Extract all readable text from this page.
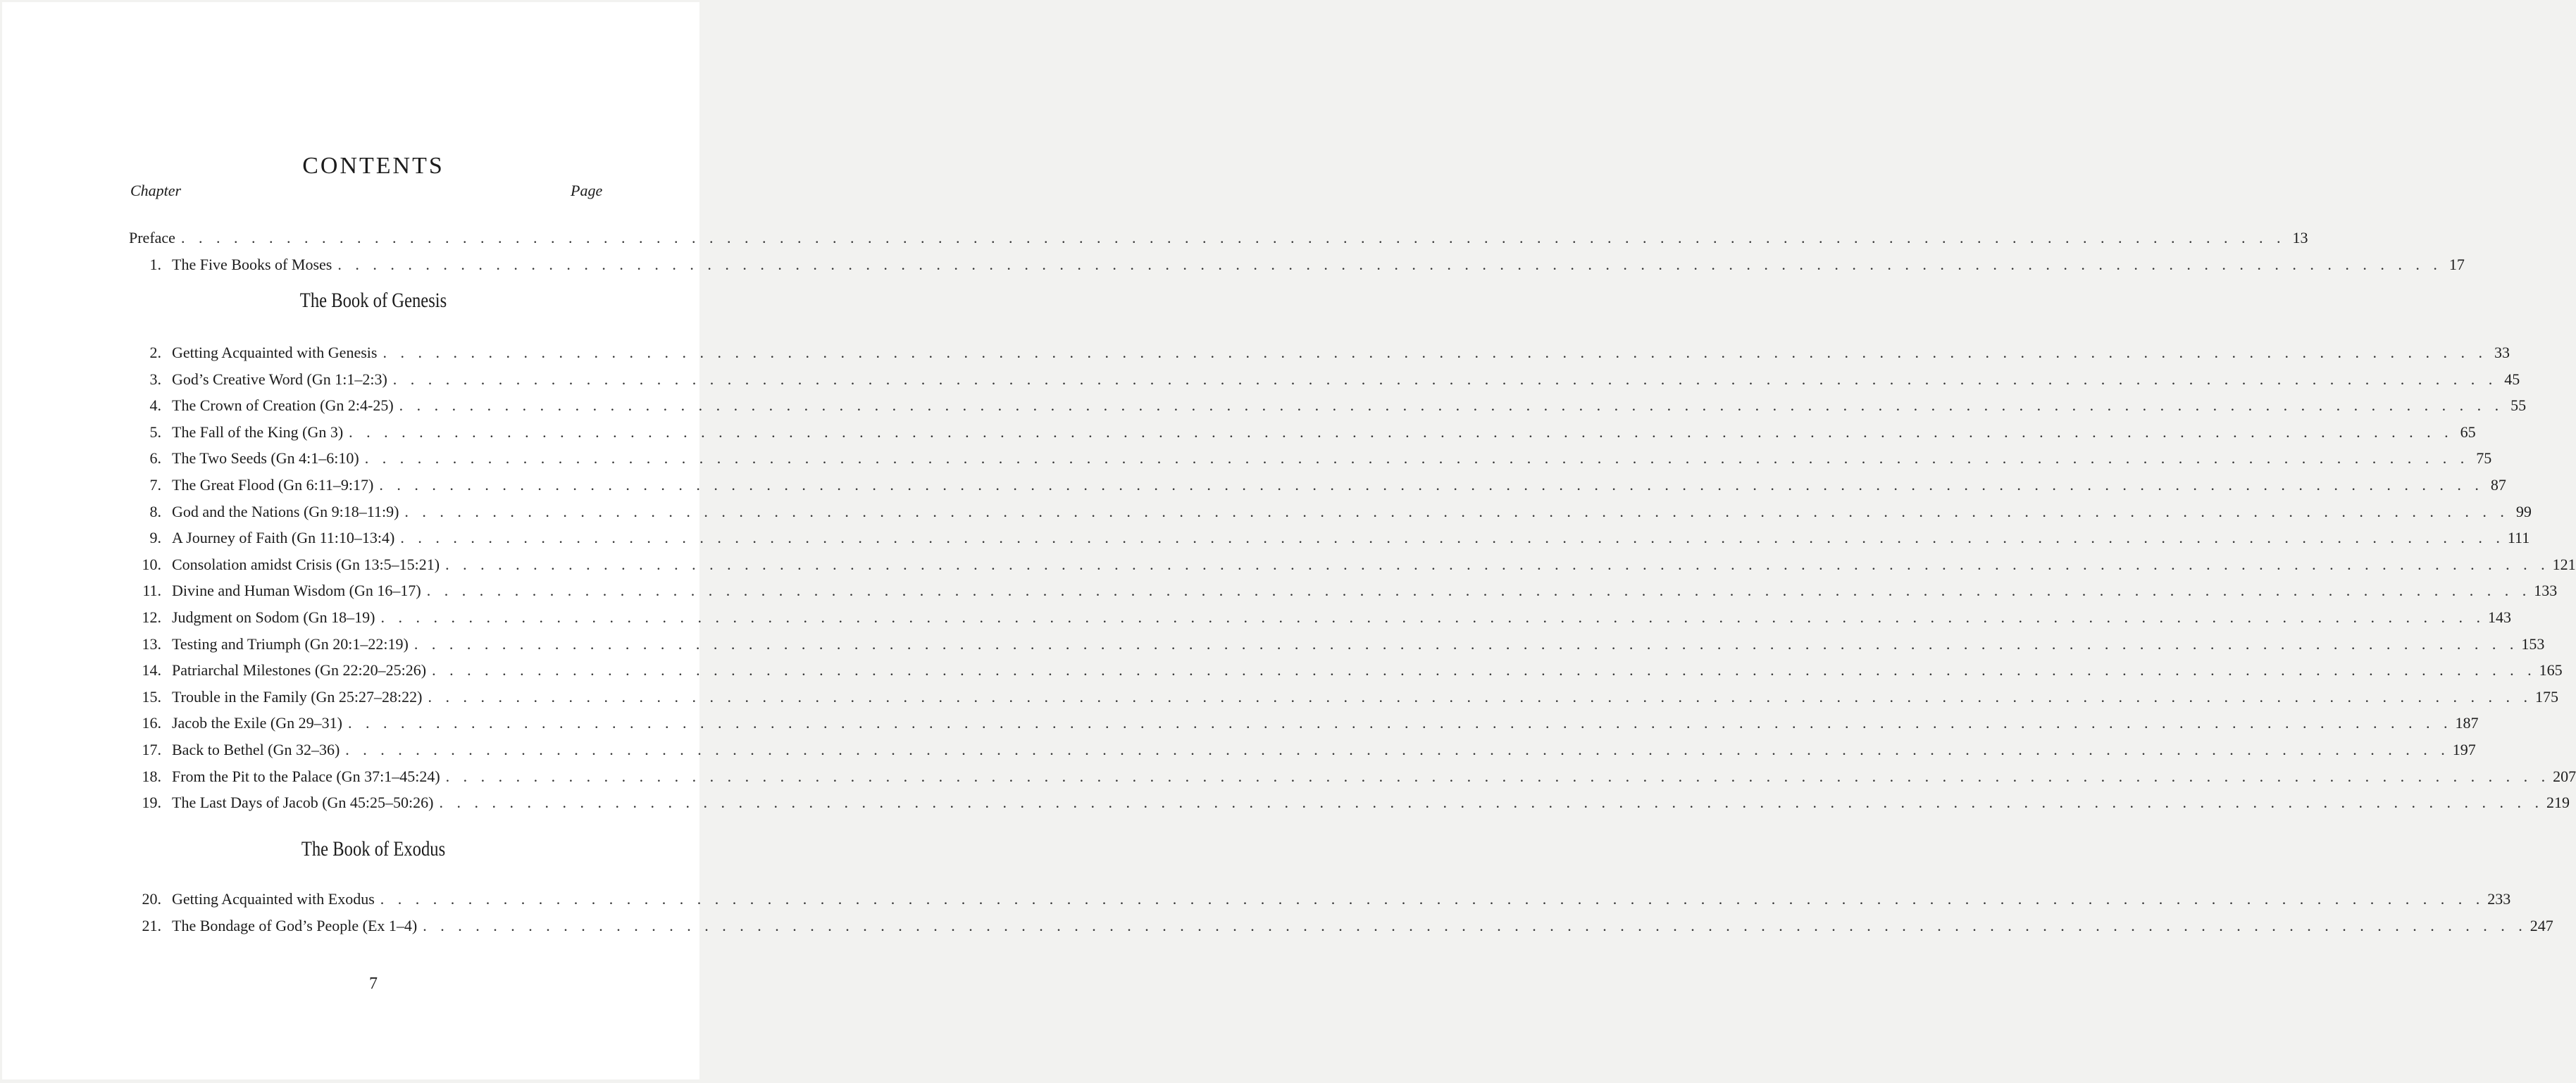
CONTENTS
Chapter	Page
Preface . . . . . . . . . . . . . . . . . . . . . . . . . . . . . . . . . . . . . . . . . . . . . . . . . . . . . . . . . . . . . . . . . . . . . . . . . . . . . . . . . . . . . . . . . . . . . . . . . . . . . . . . . . . . . . . . . . . . . . . . 13
1. The Five Books of Moses . . . . . . . . . . . . . . . . . . . . . . . . . . . . . . . . . . . . . . . . . . . . . . . . . . . . . . . . . . . . . . . . . . . . . . . . . . . . . . . . . . . . . . . . . . . . . . . . . . . . . . . . . . . . . . . . . . . . . . . . 17
The Book of Genesis
2. Getting Acquainted with Genesis . . . . . . . . . . . . . . . . . . . . . . . . . . . . . . . . . . . . . . . . . . . . . . . . . . . . . . . . . . . . . . . . . . . . . . . . . . . . . . . . . . . . . . . . . . . . . . . . . . . . . . . . . . . . . . . . . . . . . . . . 33
3. God’s Creative Word (Gn 1:1–2:3) . . . . . . . . . . . . . . . . . . . . . . . . . . . . . . . . . . . . . . . . . . . . . . . . . . . . . . . . . . . . . . . . . . . . . . . . . . . . . . . . . . . . . . . . . . . . . . . . . . . . . . . . . . . . . . . . . . . . . . . . 45
4. The Crown of Creation (Gn 2:4-25) . . . . . . . . . . . . . . . . . . . . . . . . . . . . . . . . . . . . . . . . . . . . . . . . . . . . . . . . . . . . . . . . . . . . . . . . . . . . . . . . . . . . . . . . . . . . . . . . . . . . . . . . . . . . . . . . . . . . . . . . 55
5. The Fall of the King (Gn 3) . . . . . . . . . . . . . . . . . . . . . . . . . . . . . . . . . . . . . . . . . . . . . . . . . . . . . . . . . . . . . . . . . . . . . . . . . . . . . . . . . . . . . . . . . . . . . . . . . . . . . . . . . . . . . . . . . . . . . . . . 65
6. The Two Seeds (Gn 4:1–6:10) . . . . . . . . . . . . . . . . . . . . . . . . . . . . . . . . . . . . . . . . . . . . . . . . . . . . . . . . . . . . . . . . . . . . . . . . . . . . . . . . . . . . . . . . . . . . . . . . . . . . . . . . . . . . . . . . . . . . . . . . 75
7. The Great Flood (Gn 6:11–9:17) . . . . . . . . . . . . . . . . . . . . . . . . . . . . . . . . . . . . . . . . . . . . . . . . . . . . . . . . . . . . . . . . . . . . . . . . . . . . . . . . . . . . . . . . . . . . . . . . . . . . . . . . . . . . . . . . . . . . . . . . 87
8. God and the Nations (Gn 9:18–11:9) . . . . . . . . . . . . . . . . . . . . . . . . . . . . . . . . . . . . . . . . . . . . . . . . . . . . . . . . . . . . . . . . . . . . . . . . . . . . . . . . . . . . . . . . . . . . . . . . . . . . . . . . . . . . . . . . . . . . . . . . 99
9. A Journey of Faith (Gn 11:10–13:4) . . . . . . . . . . . . . . . . . . . . . . . . . . . . . . . . . . . . . . . . . . . . . . . . . . . . . . . . . . . . . . . . . . . . . . . . . . . . . . . . . . . . . . . . . . . . . . . . . . . . . . . . . . . . . . . . . . . . . . . . 111
10. Consolation amidst Crisis (Gn 13:5–15:21) . . . . . . . . . . . . . . . . . . . . . . . . . . . . . . . . . . . . . . . . . . . . . . . . . . . . . . . . . . . . . . . . . . . . . . . . . . . . . . . . . . . . . . . . . . . . . . . . . . . . . . . . . . . . . . . . . . . . . . . . 121
11. Divine and Human Wisdom (Gn 16–17) . . . . . . . . . . . . . . . . . . . . . . . . . . . . . . . . . . . . . . . . . . . . . . . . . . . . . . . . . . . . . . . . . . . . . . . . . . . . . . . . . . . . . . . . . . . . . . . . . . . . . . . . . . . . . . . . . . . . . . . . 133
12. Judgment on Sodom (Gn 18–19) . . . . . . . . . . . . . . . . . . . . . . . . . . . . . . . . . . . . . . . . . . . . . . . . . . . . . . . . . . . . . . . . . . . . . . . . . . . . . . . . . . . . . . . . . . . . . . . . . . . . . . . . . . . . . . . . . . . . . . . . 143
13. Testing and Triumph (Gn 20:1–22:19) . . . . . . . . . . . . . . . . . . . . . . . . . . . . . . . . . . . . . . . . . . . . . . . . . . . . . . . . . . . . . . . . . . . . . . . . . . . . . . . . . . . . . . . . . . . . . . . . . . . . . . . . . . . . . . . . . . . . . . . . 153
14. Patriarchal Milestones (Gn 22:20–25:26) . . . . . . . . . . . . . . . . . . . . . . . . . . . . . . . . . . . . . . . . . . . . . . . . . . . . . . . . . . . . . . . . . . . . . . . . . . . . . . . . . . . . . . . . . . . . . . . . . . . . . . . . . . . . . . . . . . . . . . . . 165
15. Trouble in the Family (Gn 25:27–28:22) . . . . . . . . . . . . . . . . . . . . . . . . . . . . . . . . . . . . . . . . . . . . . . . . . . . . . . . . . . . . . . . . . . . . . . . . . . . . . . . . . . . . . . . . . . . . . . . . . . . . . . . . . . . . . . . . . . . . . . . . 175
16. Jacob the Exile (Gn 29–31) . . . . . . . . . . . . . . . . . . . . . . . . . . . . . . . . . . . . . . . . . . . . . . . . . . . . . . . . . . . . . . . . . . . . . . . . . . . . . . . . . . . . . . . . . . . . . . . . . . . . . . . . . . . . . . . . . . . . . . . . 187
17. Back to Bethel (Gn 32–36) . . . . . . . . . . . . . . . . . . . . . . . . . . . . . . . . . . . . . . . . . . . . . . . . . . . . . . . . . . . . . . . . . . . . . . . . . . . . . . . . . . . . . . . . . . . . . . . . . . . . . . . . . . . . . . . . . . . . . . . . 197
18. From the Pit to the Palace (Gn 37:1–45:24) . . . . . . . . . . . . . . . . . . . . . . . . . . . . . . . . . . . . . . . . . . . . . . . . . . . . . . . . . . . . . . . . . . . . . . . . . . . . . . . . . . . . . . . . . . . . . . . . . . . . . . . . . . . . . . . . . . . . . . . . 207
19. The Last Days of Jacob (Gn 45:25–50:26) . . . . . . . . . . . . . . . . . . . . . . . . . . . . . . . . . . . . . . . . . . . . . . . . . . . . . . . . . . . . . . . . . . . . . . . . . . . . . . . . . . . . . . . . . . . . . . . . . . . . . . . . . . . . . . . . . . . . . . . . 219
The Book of Exodus
20. Getting Acquainted with Exodus . . . . . . . . . . . . . . . . . . . . . . . . . . . . . . . . . . . . . . . . . . . . . . . . . . . . . . . . . . . . . . . . . . . . . . . . . . . . . . . . . . . . . . . . . . . . . . . . . . . . . . . . . . . . . . . . . . . . . . . . 233
21. The Bondage of God’s People (Ex 1–4) . . . . . . . . . . . . . . . . . . . . . . . . . . . . . . . . . . . . . . . . . . . . . . . . . . . . . . . . . . . . . . . . . . . . . . . . . . . . . . . . . . . . . . . . . . . . . . . . . . . . . . . . . . . . . . . . . . . . . . . . 247
7
